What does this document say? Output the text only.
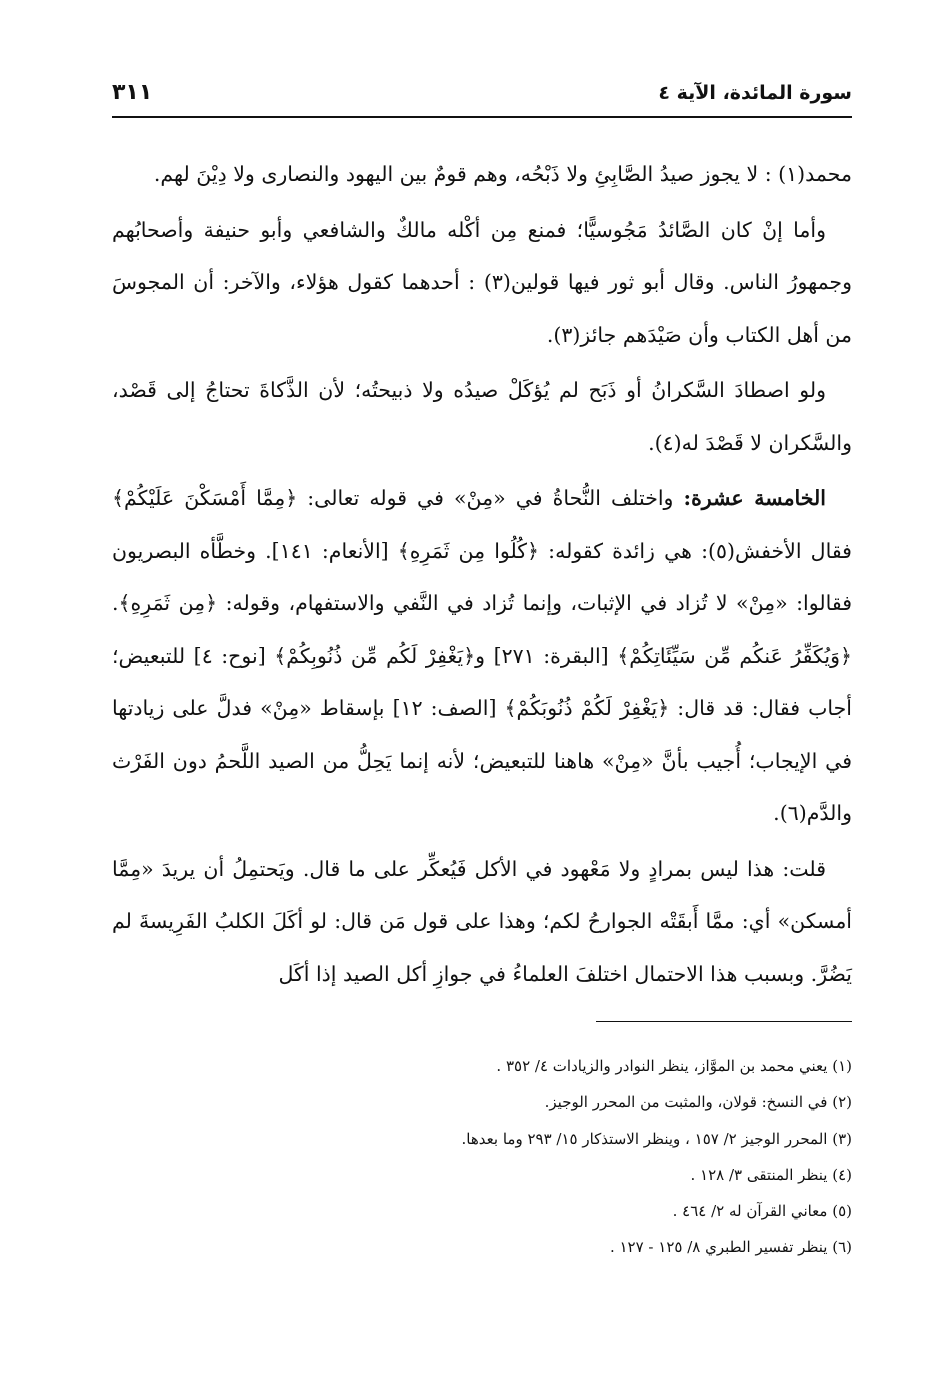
سورة المائدة، الآية ٤
٣١١

محمد(١) : لا يجوز صيدُ الصَّابِئِ ولا ذَبْحُه، وهم قومٌ بين اليهود والنصارى ولا دِيْنَ لهم.

وأما إنْ كان الصَّائدُ مَجُوسيًّا؛ فمنع مِن أكْله مالكٌ والشافعي وأبو حنيفة وأصحابُهم وجمهورُ الناس. وقال أبو ثور فيها قولين(٣) : أحدهما كقول هؤلاء، والآخر: أن المجوسَ من أهل الكتاب وأن صَيْدَهم جائز(٣).

ولو اصطادَ السَّكرانُ أو ذَبَح لم يُؤكَلْ صيدُه ولا ذبيحتُه؛ لأن الذَّكاةَ تحتاجُ إلى قَصْد، والسَّكران لا قَصْدَ له(٤).

الخامسة عشرة: واختلف النُّحاةُ في «مِنْ» في قوله تعالى: ﴿مِمَّا أَمْسَكْنَ عَلَيْكُمْ﴾ فقال الأخفش(٥): هي زائدة كقوله: ﴿كُلُوا مِن ثَمَرِهِ﴾ [الأنعام: ١٤١]. وخطَّأه البصريون فقالوا: «مِنْ» لا تُزاد في الإثبات، وإنما تُزاد في النَّفي والاستفهام، وقوله: ﴿مِن ثَمَرِهِ﴾. ﴿وَيُكَفِّرُ عَنكُم مِّن سَيِّئَاتِكُمْ﴾ [البقرة: ٢٧١] و﴿يَغْفِرْ لَكُم مِّن ذُنُوبِكُمْ﴾ [نوح: ٤] للتبعيض؛ أجاب فقال: قد قال: ﴿يَغْفِرْ لَكُمْ ذُنُوبَكُمْ﴾ [الصف: ١٢] بإسقاط «مِنْ» فدلَّ على زيادتها في الإيجاب؛ أُجيب بأنَّ «مِنْ» هاهنا للتبعيض؛ لأنه إنما يَحِلُّ من الصيد اللَّحمُ دون الفَرْث والدَّم(٦).

قلت: هذا ليس بمرادٍ ولا مَعْهود في الأكل فَيُعكِّر على ما قال. ويَحتمِلُ أن يريدَ «مِمَّا أمسكن» أي: ممَّا أَبقَتْه الجوارحُ لكم؛ وهذا على قول مَن قال: لو أكَلَ الكلبُ الفَرِيسةَ لم يَضُرَّ. وبسبب هذا الاحتمال اختلفَ العلماءُ في جوازِ أكل الصيد إذا أكَل

(١) يعني محمد بن الموَّاز، ينظر النوادر والزيادات ٤/ ٣٥٢ .

(٢) في النسخ: قولان، والمثبت من المحرر الوجيز.

(٣) المحرر الوجيز ٢/ ١٥٧ ، وينظر الاستذكار ١٥/ ٢٩٣ وما بعدها.

(٤) ينظر المنتقى ٣/ ١٢٨ .

(٥) معاني القرآن له ٢/ ٤٦٤ .

(٦) ينظر تفسير الطبري ٨/ ١٢٥ - ١٢٧ .
